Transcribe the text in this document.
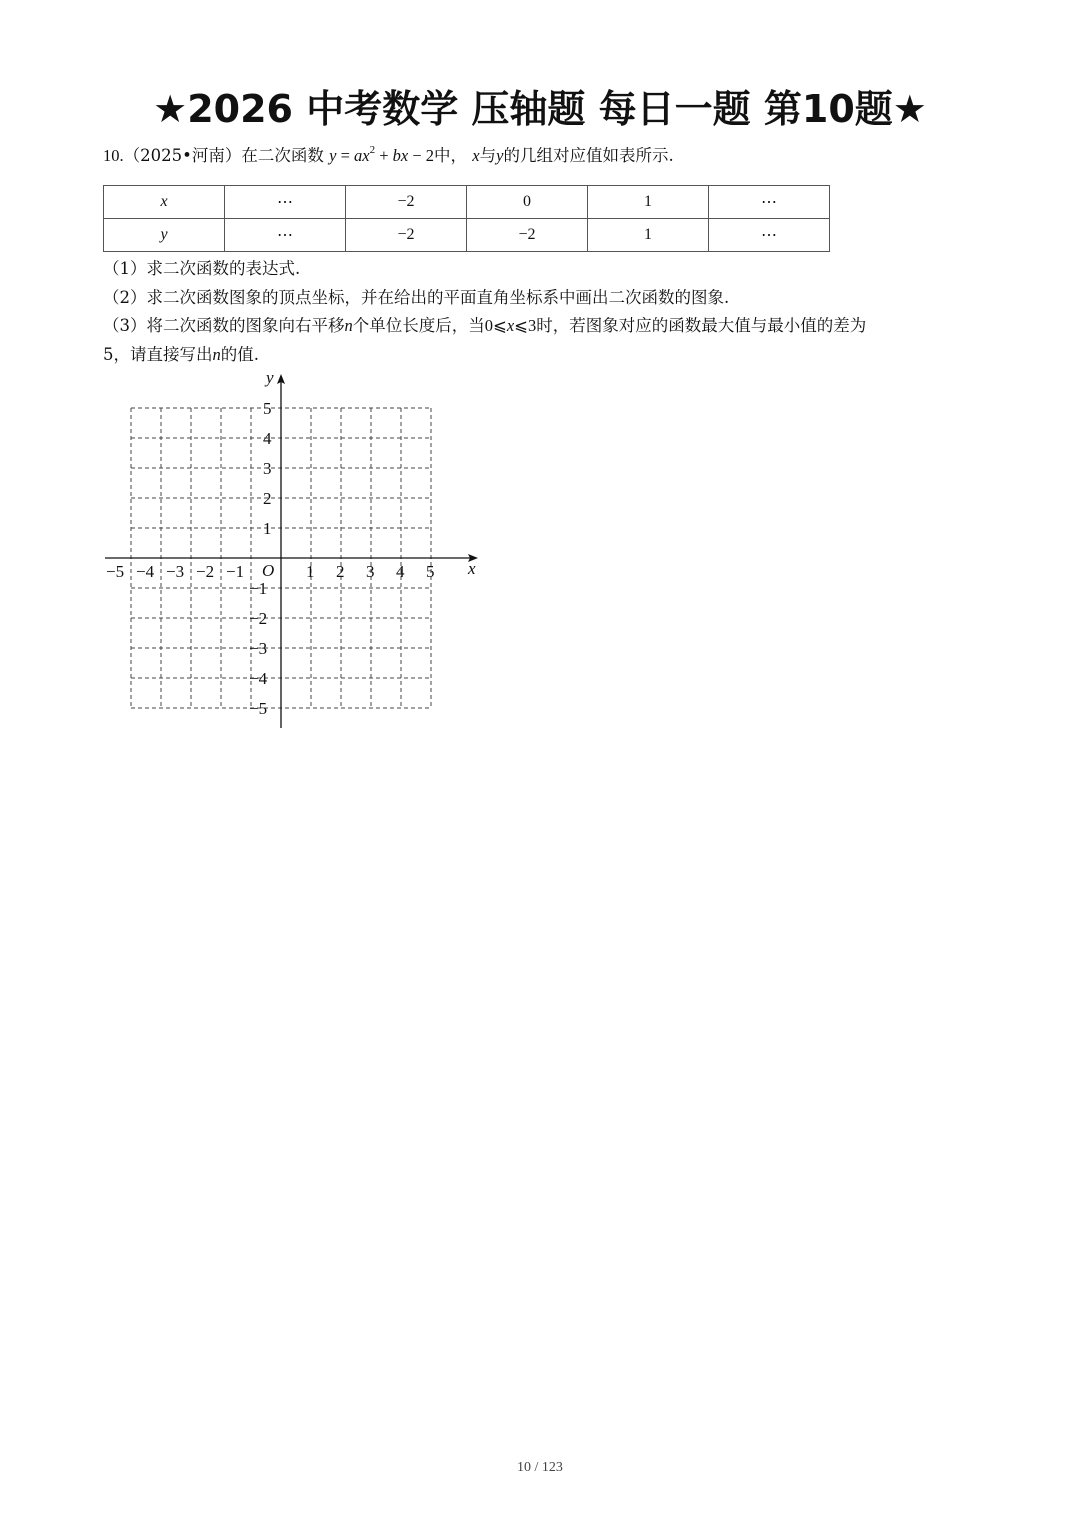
★2026 中考数学 压轴题 每日一题 第10题★
10.（2025•河南）在二次函数 $y = ax^2$ + bx − 2中， x与y的几组对应值如表所示.
x	⋯	−2	0	1	⋯
y	⋯	−2	−2	1	⋯
（1）求二次函数的表达式.
（2）求二次函数图象的顶点坐标，并在给出的平面直角坐标系中画出二次函数的图象.
（3）将二次函数的图象向右平移n个单位长度后，当0⩽x⩽3时，若图象对应的函数最大值与最小值的差为
5，请直接写出n的值.
x
y
O
−5 −4 −3 −2 −1	1 2 3 4 5
5
4
3
2
1
−1
−2
−3
−4
−5
10 / 123
